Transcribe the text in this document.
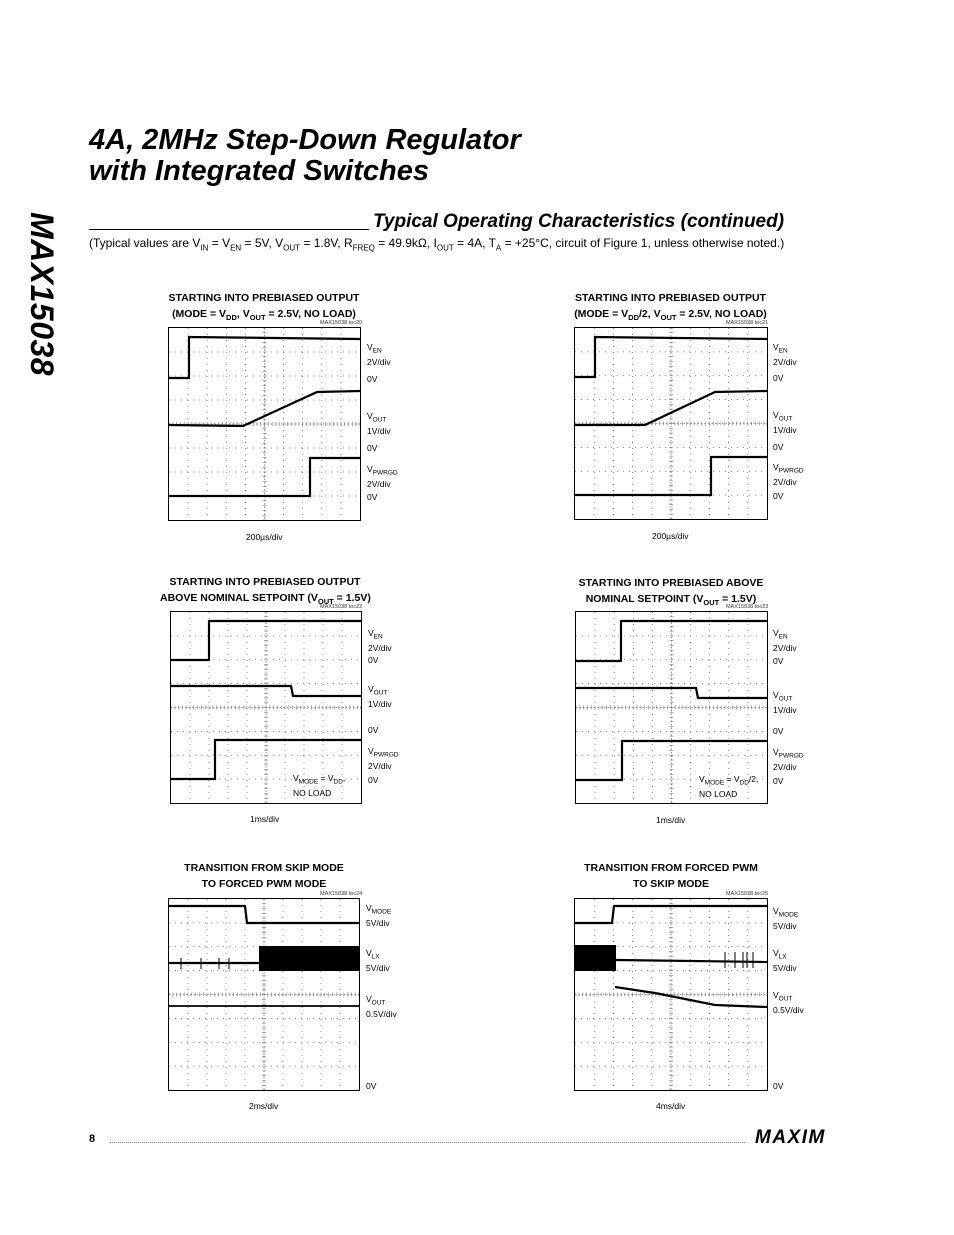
MAX15038
4A, 2MHz Step-Down Regulator
with Integrated Switches
Typical Operating Characteristics (continued)
(Typical values are $V_{IN} = V_{EN} = 5V$, $V_{OUT} = 1.8V$, $R_{FREQ} = 49.9k\Omega$, $I_{OUT} = 4A$, $T_A = +25^\circ C$, circuit of Figure 1, unless otherwise noted.)
STARTING INTO PREBIASED OUTPUT
(MODE = $V_{DD}$, $V_{OUT} = 2.5V$, NO LOAD)
MAX15038 toc20
$V_{EN}$
2V/div
0V
$V_{OUT}$
1V/div
0V
$V_{PWRGD}$
2V/div
0V
200µs/div
STARTING INTO PREBIASED OUTPUT
(MODE = $V_{DD}/2$, $V_{OUT} = 2.5V$, NO LOAD)
MAX15038 toc21
$V_{EN}$
2V/div
0V
$V_{OUT}$
1V/div
0V
$V_{PWRGD}$
2V/div
0V
200µs/div
STARTING INTO PREBIASED OUTPUT
ABOVE NOMINAL SETPOINT $(V_{OUT} = 1.5V)$
MAX15038 toc22
$V_{EN}$
2V/div
0V
$V_{OUT}$
1V/div
0V
$V_{PWRGD}$
2V/div
0V
$V_{MODE} = V_{DD}$,
NO LOAD
1ms/div
STARTING INTO PREBIASED ABOVE
NOMINAL SETPOINT $(V_{OUT} = 1.5V)$
MAX15038 toc23
$V_{EN}$
2V/div
0V
$V_{OUT}$
1V/div
0V
$V_{PWRGD}$
2V/div
0V
$V_{MODE} = V_{DD}/2$,
NO LOAD
1ms/div
TRANSITION FROM SKIP MODE
TO FORCED PWM MODE
MAX15038 toc24
$V_{MODE}$
5V/div
$V_{LX}$
5V/div
$V_{OUT}$
0.5V/div
0V
2ms/div
TRANSITION FROM FORCED PWM
TO SKIP MODE
MAX15038 toc25
$V_{MODE}$
5V/div
$V_{LX}$
5V/div
$V_{OUT}$
0.5V/div
0V
4ms/div
8	MAXIM
